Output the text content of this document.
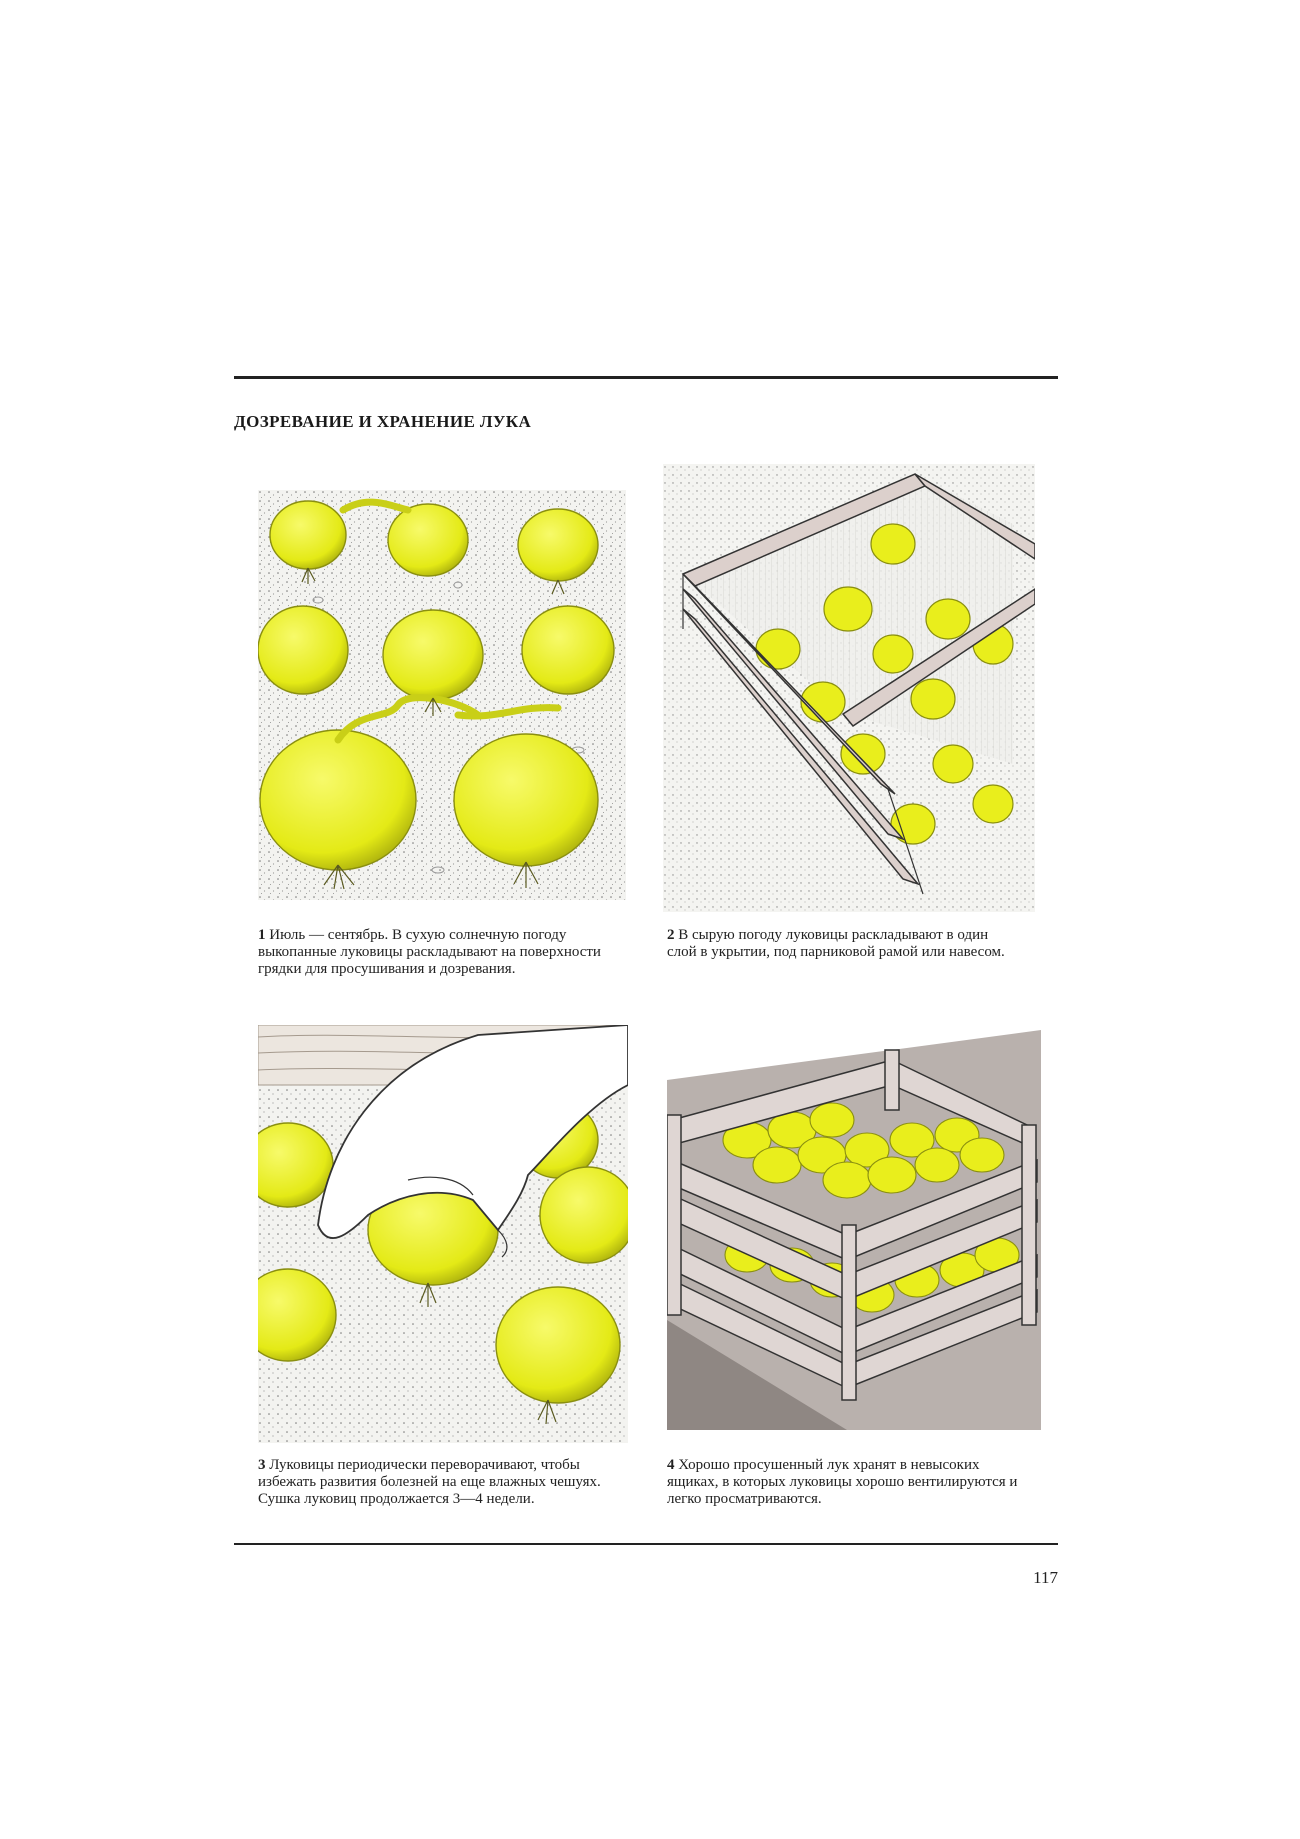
ДОЗРЕВАНИЕ И ХРАНЕНИЕ ЛУКА

1 Июль — сентябрь. В сухую солнечную погоду выкопанные луковицы раскладывают на поверхности грядки для просушивания и дозревания.

2 В сырую погоду луковицы раскладывают в один слой в укрытии, под парниковой рамой или навесом.

3 Луковицы периодически переворачивают, чтобы избежать развития болезней на еще влажных чешуях. Сушка луковиц продолжается 3—4 недели.

4 Хорошо просушенный лук хранят в невысоких ящиках, в которых луковицы хорошо вентилируются и легко просматриваются.

117
